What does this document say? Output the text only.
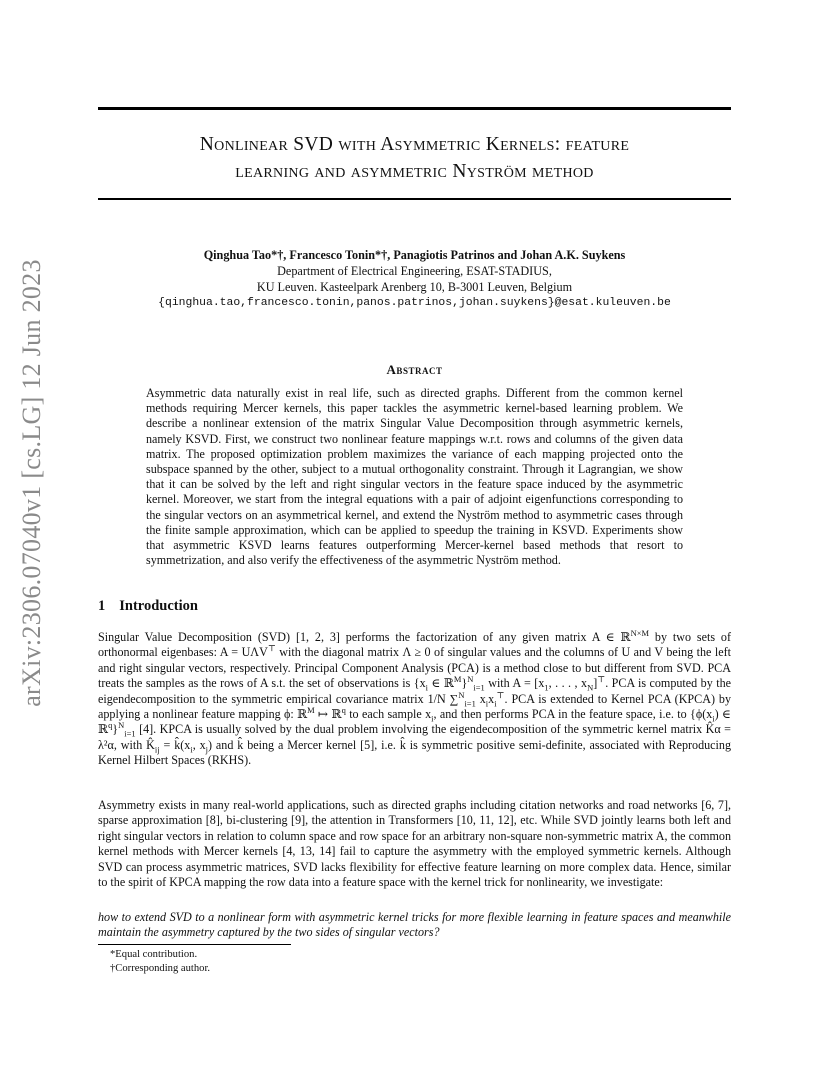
arXiv:2306.07040v1 [cs.LG] 12 Jun 2023
Nonlinear SVD with Asymmetric Kernels: feature
learning and asymmetric Nyström method
Qinghua Tao*†, Francesco Tonin*†, Panagiotis Patrinos and Johan A.K. Suykens
Department of Electrical Engineering, ESAT-STADIUS,
KU Leuven. Kasteelpark Arenberg 10, B-3001 Leuven, Belgium
{qinghua.tao,francesco.tonin,panos.patrinos,johan.suykens}@esat.kuleuven.be
Abstract
Asymmetric data naturally exist in real life, such as directed graphs. Different from the common kernel methods requiring Mercer kernels, this paper tackles the asymmetric kernel-based learning problem. We describe a nonlinear extension of the matrix Singular Value Decomposition through asymmetric kernels, namely KSVD. First, we construct two nonlinear feature mappings w.r.t. rows and columns of the given data matrix. The proposed optimization problem maximizes the variance of each mapping projected onto the subspace spanned by the other, subject to a mutual orthogonality constraint. Through it Lagrangian, we show that it can be solved by the left and right singular vectors in the feature space induced by the asymmetric kernel. Moreover, we start from the integral equations with a pair of adjoint eigenfunctions corresponding to the singular vectors on an asymmetrical kernel, and extend the Nyström method to asymmetric cases through the finite sample approximation, which can be applied to speedup the training in KSVD. Experiments show that asymmetric KSVD learns features outperforming Mercer-kernel based methods that resort to symmetrization, and also verify the effectiveness of the asymmetric Nyström method.
1 Introduction
Singular Value Decomposition (SVD) [1, 2, 3] performs the factorization of any given matrix A ∈ ℝ$^{N\times M}$ by two sets of orthonormal eigenbases: A = UΛV⊤ with the diagonal matrix Λ ≥ 0 of singular values and the columns of U and V being the left and right singular vectors, respectively. Principal Component Analysis (PCA) is a method close to but different from SVD. PCA treats the samples as the rows of A s.t. the set of observations is {$x_i$ ∈ ℝ$^M$}$^N_{i=1}$ with $A = [x_1$, . . . , $x_N]^⊤$. PCA is computed by the eigendecomposition to the symmetric empirical covariance matrix 1/N ∑$^N_{i=1}$ $x_ix_i^⊤$. PCA is extended to Kernel PCA (KPCA) by applying a nonlinear feature mapping ϕ: ℝ$^M$ ↦ ℝ$^q$ to each sample $x_i$, and then performs PCA in the feature space, i.e. to {$\phi(x_i)$ ∈ ℝ$^q$}$^N_{i=1}$ [4]. KPCA is usually solved by the dual problem involving the eigendecomposition of the symmetric kernel matrix K̂α = λ²α, with $K̂_{ij}$ = $k̂(x_i$, $x_j$) and k̂ being a Mercer kernel [5], i.e. k̂ is symmetric positive semi-definite, associated with Reproducing Kernel Hilbert Spaces (RKHS).
Asymmetry exists in many real-world applications, such as directed graphs including citation networks and road networks [6, 7], sparse approximation [8], bi-clustering [9], the attention in Transformers [10, 11, 12], etc. While SVD jointly learns both left and right singular vectors in relation to column space and row space for an arbitrary non-square non-symmetric matrix A, the common kernel methods with Mercer kernels [4, 13, 14] fail to capture the asymmetry with the employed symmetric kernels. Although SVD can process asymmetric matrices, SVD lacks flexibility for effective feature learning on more complex data. Hence, similar to the spirit of KPCA mapping the row data into a feature space with the kernel trick for nonlinearity, we investigate:
how to extend SVD to a nonlinear form with asymmetric kernel tricks for more flexible learning in feature spaces and meanwhile maintain the asymmetry captured by the two sides of singular vectors?
*Equal contribution.
†Corresponding author.
